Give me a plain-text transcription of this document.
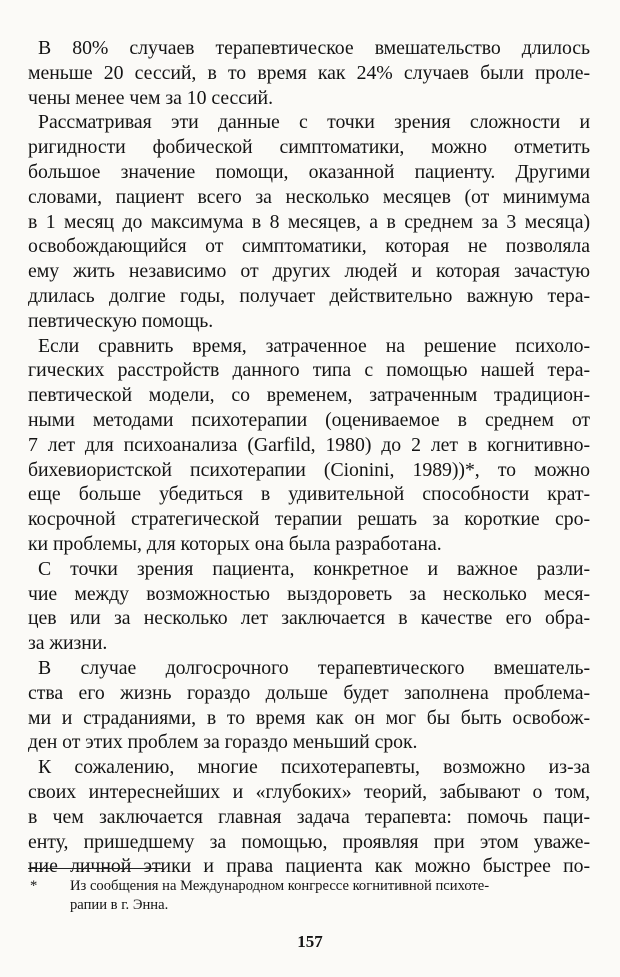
В 80% случаев терапевтическое вмешательство длилось
меньше 20 сессий, в то время как 24% случаев были проле-
чены менее чем за 10 сессий.

Рассматривая эти данные с точки зрения сложности и
ригидности фобической симптоматики, можно отметить
большое значение помощи, оказанной пациенту. Другими
словами, пациент всего за несколько месяцев (от минимума
в 1 месяц до максимума в 8 месяцев, а в среднем за 3 месяца)
освобождающийся от симптоматики, которая не позволяла
ему жить независимо от других людей и которая зачастую
длилась долгие годы, получает действительно важную тера-
певтическую помощь.

Если сравнить время, затраченное на решение психоло-
гических расстройств данного типа с помощью нашей тера-
певтической модели, со временем, затраченным традицион-
ными методами психотерапии (оцениваемое в среднем от
7 лет для психоанализа (Garfild, 1980) до 2 лет в когнитивно-
бихевиористской психотерапии (Cionini, 1989))*, то можно
еще больше убедиться в удивительной способности крат-
косрочной стратегической терапии решать за короткие сро-
ки проблемы, для которых она была разработана.

С точки зрения пациента, конкретное и важное разли-
чие между возможностью выздороветь за несколько меся-
цев или за несколько лет заключается в качестве его обра-
за жизни.

В случае долгосрочного терапевтического вмешатель-
ства его жизнь гораздо дольше будет заполнена проблема-
ми и страданиями, в то время как он мог бы быть освобож-
ден от этих проблем за гораздо меньший срок.

К сожалению, многие психотерапевты, возможно из-за
своих интереснейших и «глубоких» теорий, забывают о том,
в чем заключается главная задача терапевта: помочь паци-
енту, пришедшему за помощью, проявляя при этом уваже-
ние личной этики и права пациента как можно быстрее по-

*	Из сообщения на Международном конгрессе когнитивной психоте-
рапии в г. Энна.
157
